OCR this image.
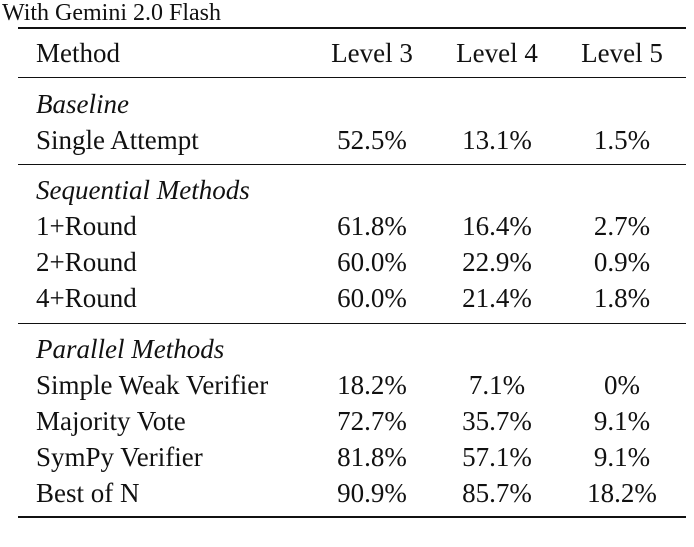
With Gemini 2.0 Flash
Method	Level 3 Level 4 Level 5
Baseline
Single Attempt	52.5% 13.1% 1.5%
Sequential Methods
1+Round	61.8% 16.4% 2.7%
2+Round	60.0% 22.9% 0.9%
4+Round	60.0% 21.4% 1.8%
Parallel Methods
Simple Weak Verifier	18.2% 7.1%	0%
Majority Vote	72.7% 35.7% 9.1%
SymPy Verifier	81.8% 57.1% 9.1%
Best of N	90.9% 85.7% 18.2%
